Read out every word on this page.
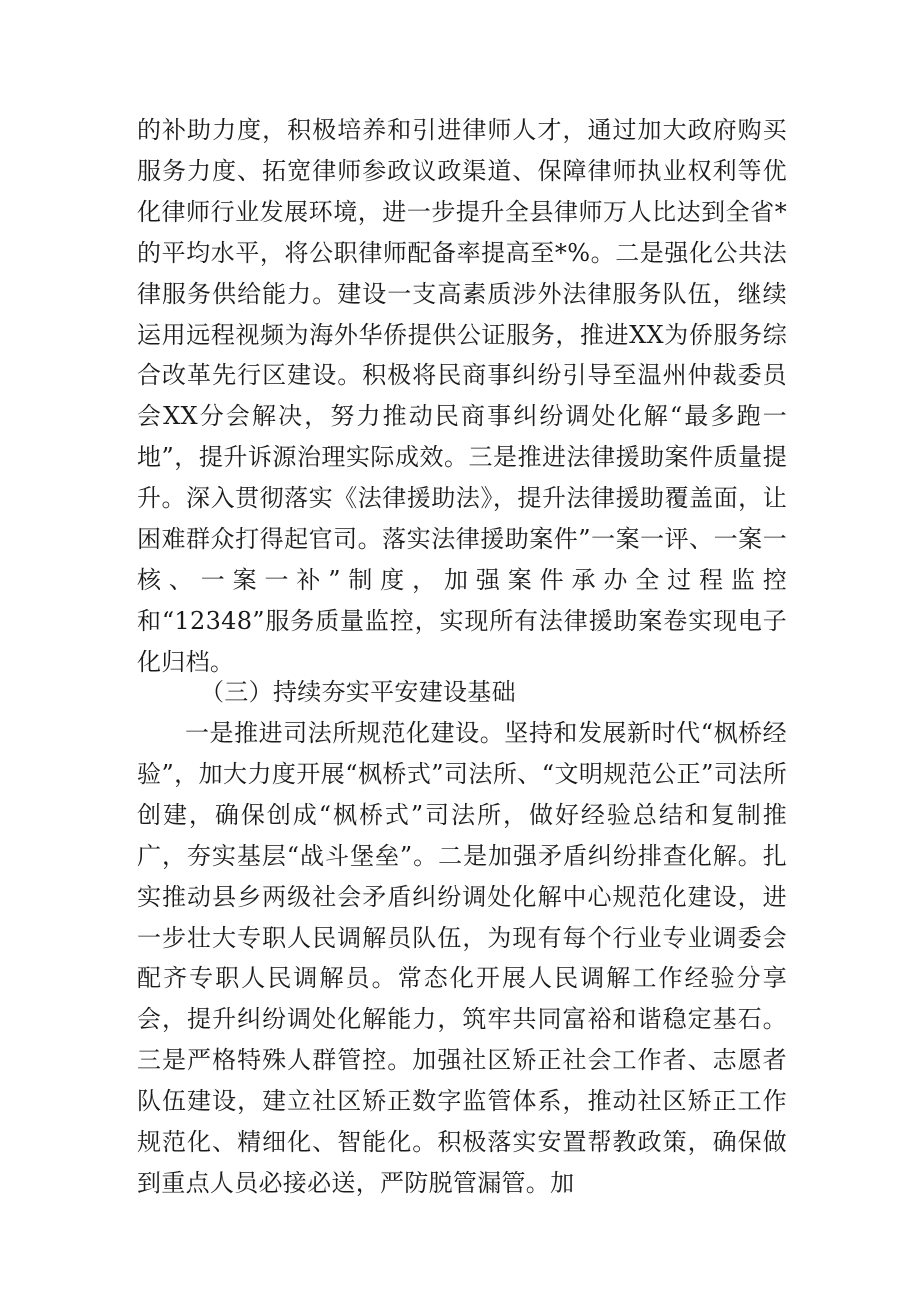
的补助力度，积极培养和引进律师人才，通过加大政府购买服务力度、拓宽律师参政议政渠道、保障律师执业权利等优化律师行业发展环境，进一步提升全县律师万人比达到全省*的平均水平，将公职律师配备率提高至*%。二是强化公共法律服务供给能力。建设一支高素质涉外法律服务队伍，继续运用远程视频为海外华侨提供公证服务，推进XX为侨服务综合改革先行区建设。积极将民商事纠纷引导至温州仲裁委员会XX分会解决，努力推动民商事纠纷调处化解“最多跑一地”，提升诉源治理实际成效。三是推进法律援助案件质量提升。深入贯彻落实《法律援助法》，提升法律援助覆盖面，让困难群众打得起官司。落实法律援助案件”一案一评、一案一核、一案一补”制度，加强案件承办全过程监控和“12348”服务质量监控，实现所有法律援助案卷实现电子化归档。

（三）持续夯实平安建设基础

一是推进司法所规范化建设。坚持和发展新时代“枫桥经验”，加大力度开展“枫桥式”司法所、“文明规范公正”司法所创建，确保创成“枫桥式”司法所，做好经验总结和复制推广，夯实基层“战斗堡垒”。二是加强矛盾纠纷排查化解。扎实推动县乡两级社会矛盾纠纷调处化解中心规范化建设，进一步壮大专职人民调解员队伍，为现有每个行业专业调委会配齐专职人民调解员。常态化开展人民调解工作经验分享会，提升纠纷调处化解能力，筑牢共同富裕和谐稳定基石。三是严格特殊人群管控。加强社区矫正社会工作者、志愿者队伍建设，建立社区矫正数字监管体系，推动社区矫正工作规范化、精细化、智能化。积极落实安置帮教政策，确保做到重点人员必接必送，严防脱管漏管。加
